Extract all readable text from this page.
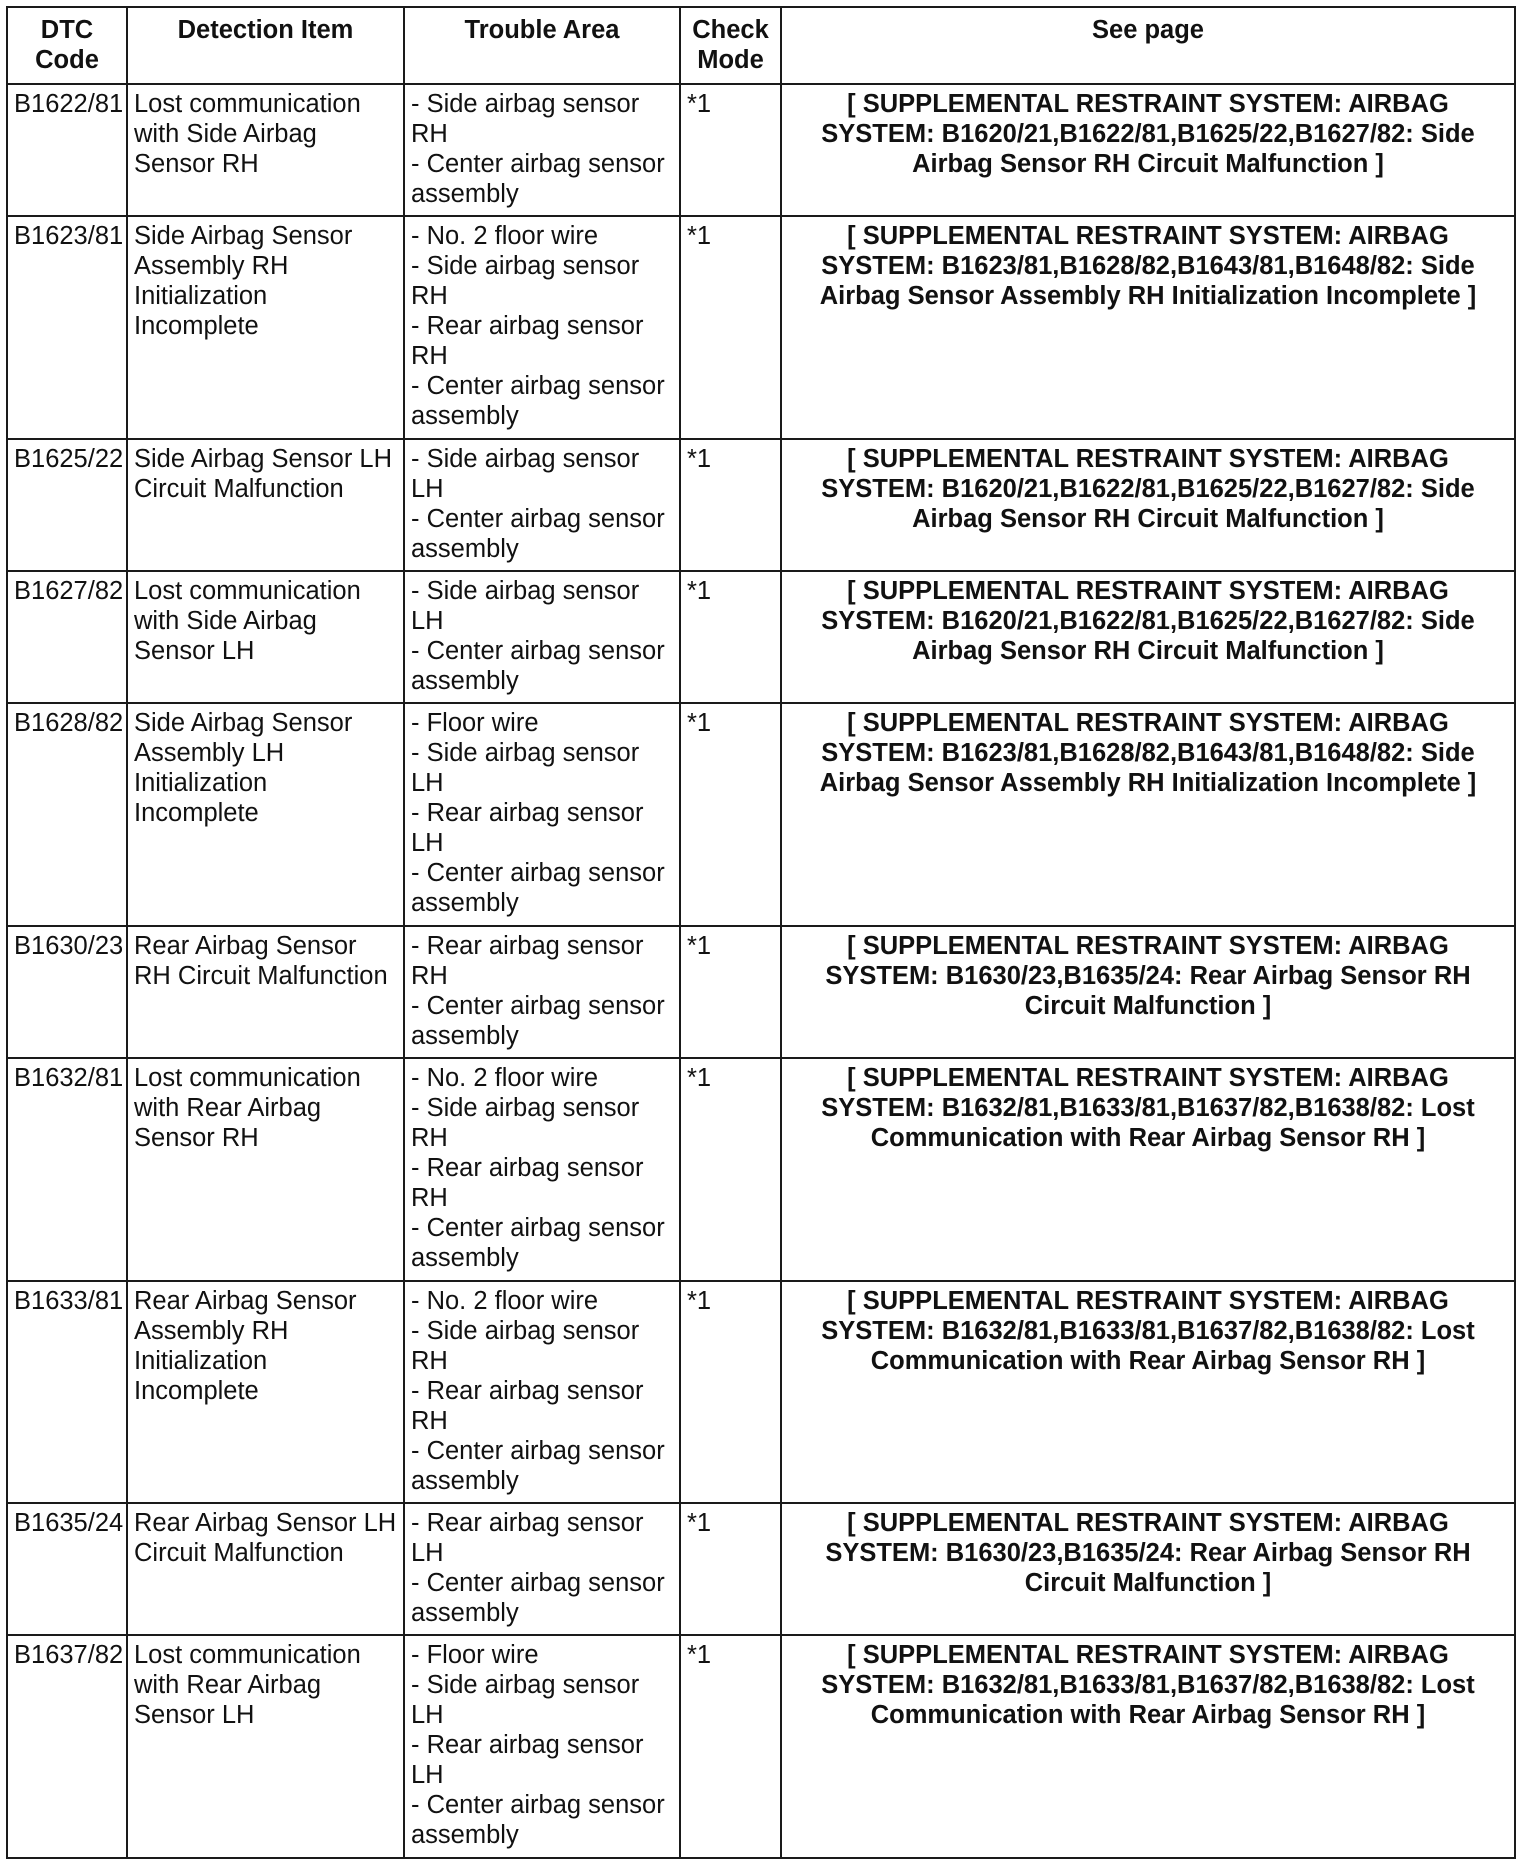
DTC Code	Detection Item	Trouble Area	Check Mode	See page
B1622/81	Lost communication with Side Airbag Sensor RH	- Side airbag sensor RH
- Center airbag sensor assembly	*1	[ SUPPLEMENTAL RESTRAINT SYSTEM: AIRBAG SYSTEM: B1620/21,B1622/81,B1625/22,B1627/82: Side Airbag Sensor RH Circuit Malfunction ]
B1623/81	Side Airbag Sensor Assembly RH Initialization Incomplete	- No. 2 floor wire
- Side airbag sensor RH
- Rear airbag sensor RH
- Center airbag sensor assembly	*1	[ SUPPLEMENTAL RESTRAINT SYSTEM: AIRBAG SYSTEM: B1623/81,B1628/82,B1643/81,B1648/82: Side Airbag Sensor Assembly RH Initialization Incomplete ]
B1625/22	Side Airbag Sensor LH Circuit Malfunction	- Side airbag sensor LH
- Center airbag sensor assembly	*1	[ SUPPLEMENTAL RESTRAINT SYSTEM: AIRBAG SYSTEM: B1620/21,B1622/81,B1625/22,B1627/82: Side Airbag Sensor RH Circuit Malfunction ]
B1627/82	Lost communication with Side Airbag Sensor LH	- Side airbag sensor LH
- Center airbag sensor assembly	*1	[ SUPPLEMENTAL RESTRAINT SYSTEM: AIRBAG SYSTEM: B1620/21,B1622/81,B1625/22,B1627/82: Side Airbag Sensor RH Circuit Malfunction ]
B1628/82	Side Airbag Sensor Assembly LH Initialization Incomplete	- Floor wire
- Side airbag sensor LH
- Rear airbag sensor LH
- Center airbag sensor assembly	*1	[ SUPPLEMENTAL RESTRAINT SYSTEM: AIRBAG SYSTEM: B1623/81,B1628/82,B1643/81,B1648/82: Side Airbag Sensor Assembly RH Initialization Incomplete ]
B1630/23	Rear Airbag Sensor RH Circuit Malfunction	- Rear airbag sensor RH
- Center airbag sensor assembly	*1	[ SUPPLEMENTAL RESTRAINT SYSTEM: AIRBAG SYSTEM: B1630/23,B1635/24: Rear Airbag Sensor RH Circuit Malfunction ]
B1632/81	Lost communication with Rear Airbag Sensor RH	- No. 2 floor wire
- Side airbag sensor RH
- Rear airbag sensor RH
- Center airbag sensor assembly	*1	[ SUPPLEMENTAL RESTRAINT SYSTEM: AIRBAG SYSTEM: B1632/81,B1633/81,B1637/82,B1638/82: Lost Communication with Rear Airbag Sensor RH ]
B1633/81	Rear Airbag Sensor Assembly RH Initialization Incomplete	- No. 2 floor wire
- Side airbag sensor RH
- Rear airbag sensor RH
- Center airbag sensor assembly	*1	[ SUPPLEMENTAL RESTRAINT SYSTEM: AIRBAG SYSTEM: B1632/81,B1633/81,B1637/82,B1638/82: Lost Communication with Rear Airbag Sensor RH ]
B1635/24	Rear Airbag Sensor LH Circuit Malfunction	- Rear airbag sensor LH
- Center airbag sensor assembly	*1	[ SUPPLEMENTAL RESTRAINT SYSTEM: AIRBAG SYSTEM: B1630/23,B1635/24: Rear Airbag Sensor RH Circuit Malfunction ]
B1637/82	Lost communication with Rear Airbag Sensor LH	- Floor wire
- Side airbag sensor LH
- Rear airbag sensor LH
- Center airbag sensor assembly	*1	[ SUPPLEMENTAL RESTRAINT SYSTEM: AIRBAG SYSTEM: B1632/81,B1633/81,B1637/82,B1638/82: Lost Communication with Rear Airbag Sensor RH ]
